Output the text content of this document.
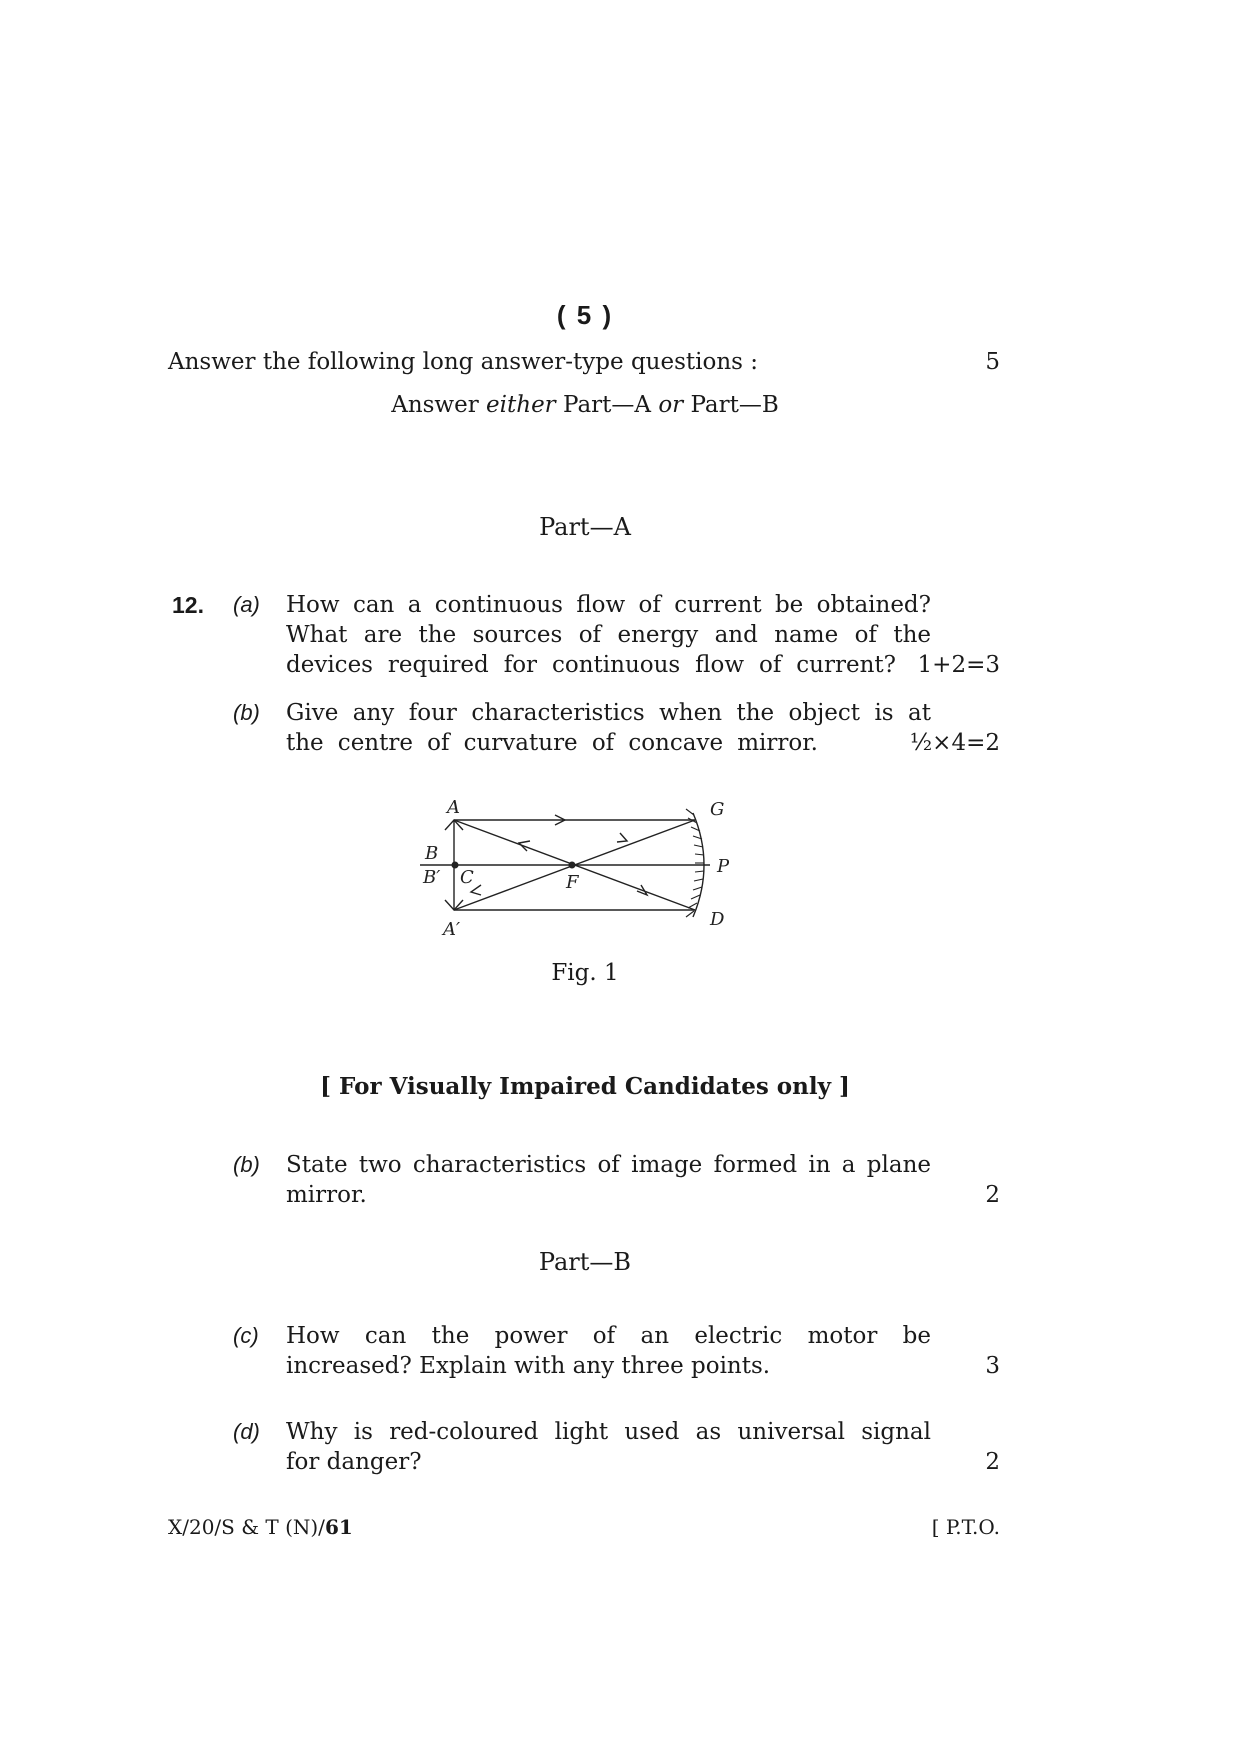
( 5 )
Answer the following long answer-type questions :	5
Answer either Part—A or Part—B
Part—A
12. (a) How can a continuous flow of current be obtained?
What are the sources of energy and name of the
devices required for continuous flow of current? 1+2=3
(b) Give any four characteristics when the object is at
the centre of curvature of concave mirror.	½×4=2
A
B
B′ C
A′
F
G
P
D
Fig. 1
[ For Visually Impaired Candidates only ]
(b) State two characteristics of image formed in a plane
mirror.	2
Part—B
(c) How can the power of an electric motor be
increased? Explain with any three points.	3
(d) Why is red-coloured light used as universal signal
for danger?	2
X/20/S & T (N)/61	[ P.T.O.
